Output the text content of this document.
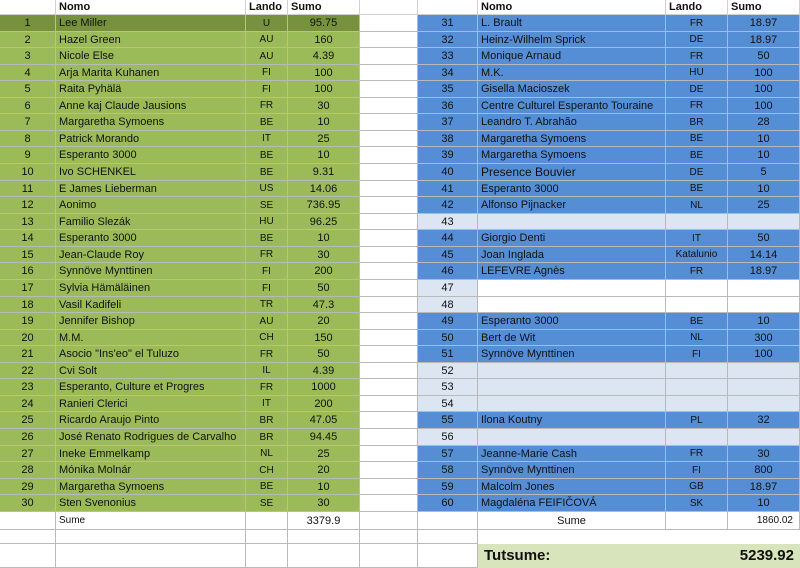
Nomo	Lando Sumo	Nomo	Lando	Sumo
1	Lee Miller	U	95.75
2	Hazel Green	AU	160
3	Nicole Else	AU	4.39
4	Arja Marita Kuhanen	FI	100
5	Raita Pyhälä	FI	100
6	Anne kaj Claude Jausions	FR	30
7	Margaretha Symoens	BE	10
8	Patrick Morando	IT	25
9	Esperanto 3000	BE	10
10	Ivo SCHENKEL	BE	9.31
11	E James Lieberman	US	14.06
12	Aonimo	SE	736.95
13	Familio Slezák	HU	96.25
14	Esperanto 3000	BE	10
15	Jean-Claude Roy	FR	30
16	Synnöve Mynttinen	FI	200
17	Sylvia Hämäläinen	FI	50
18	Vasil Kadifeli	TR	47.3
19	Jennifer Bishop	AU	20
20	M.M.	CH	150
21	Asocio "Ins'eo" el Tuluzo	FR	50
22	Cvi Solt	IL	4.39
23	Esperanto, Culture et Progres	FR	1000
24	Ranieri Clerici	IT	200
25	Ricardo Araujo Pinto	BR	47.05
26	José Renato Rodrigues de Carvalho	BR	94.45
27	Ineke Emmelkamp	NL	25
28	Mónika Molnár	CH	20
29	Margaretha Symoens	BE	10
30	Sten Svenonius	SE	30
31	L. Brault	FR	18.97
32	Heinz-Wilhelm Sprick	DE	18.97
33	Monique Arnaud	FR	50
34	M.K.	HU	100
35	Gisella Macioszek	DE	100
36	Centre Culturel Esperanto Touraine	FR	100
37	Leandro T. Abrahão	BR	28
38	Margaretha Symoens	BE	10
39	Margaretha Symoens	BE	10
40	Presence Bouvier	DE	5
41	Esperanto 3000	BE	10
42	Alfonso Pijnacker	NL	25
43
44	Giorgio Denti	IT	50
45	Joan Inglada	Katalunio	14.14
46	LEFEVRE Agnès	FR	18.97
47
48
49	Esperanto 3000	BE	10
50	Bert de Wit	NL	300
51	Synnöve Mynttinen	FI	100
52
53
54
55	Ilona Koutny	PL	32
56
57	Jeanne-Marie Cash	FR	30
58	Synnöve Mynttinen	FI	800
59	Malcolm Jones	GB	18.97
60	Magdaléna FEIFIČOVÁ	SK	10
Sume	3379.9	Sume	1860.02
Tutsume:	5239.92
